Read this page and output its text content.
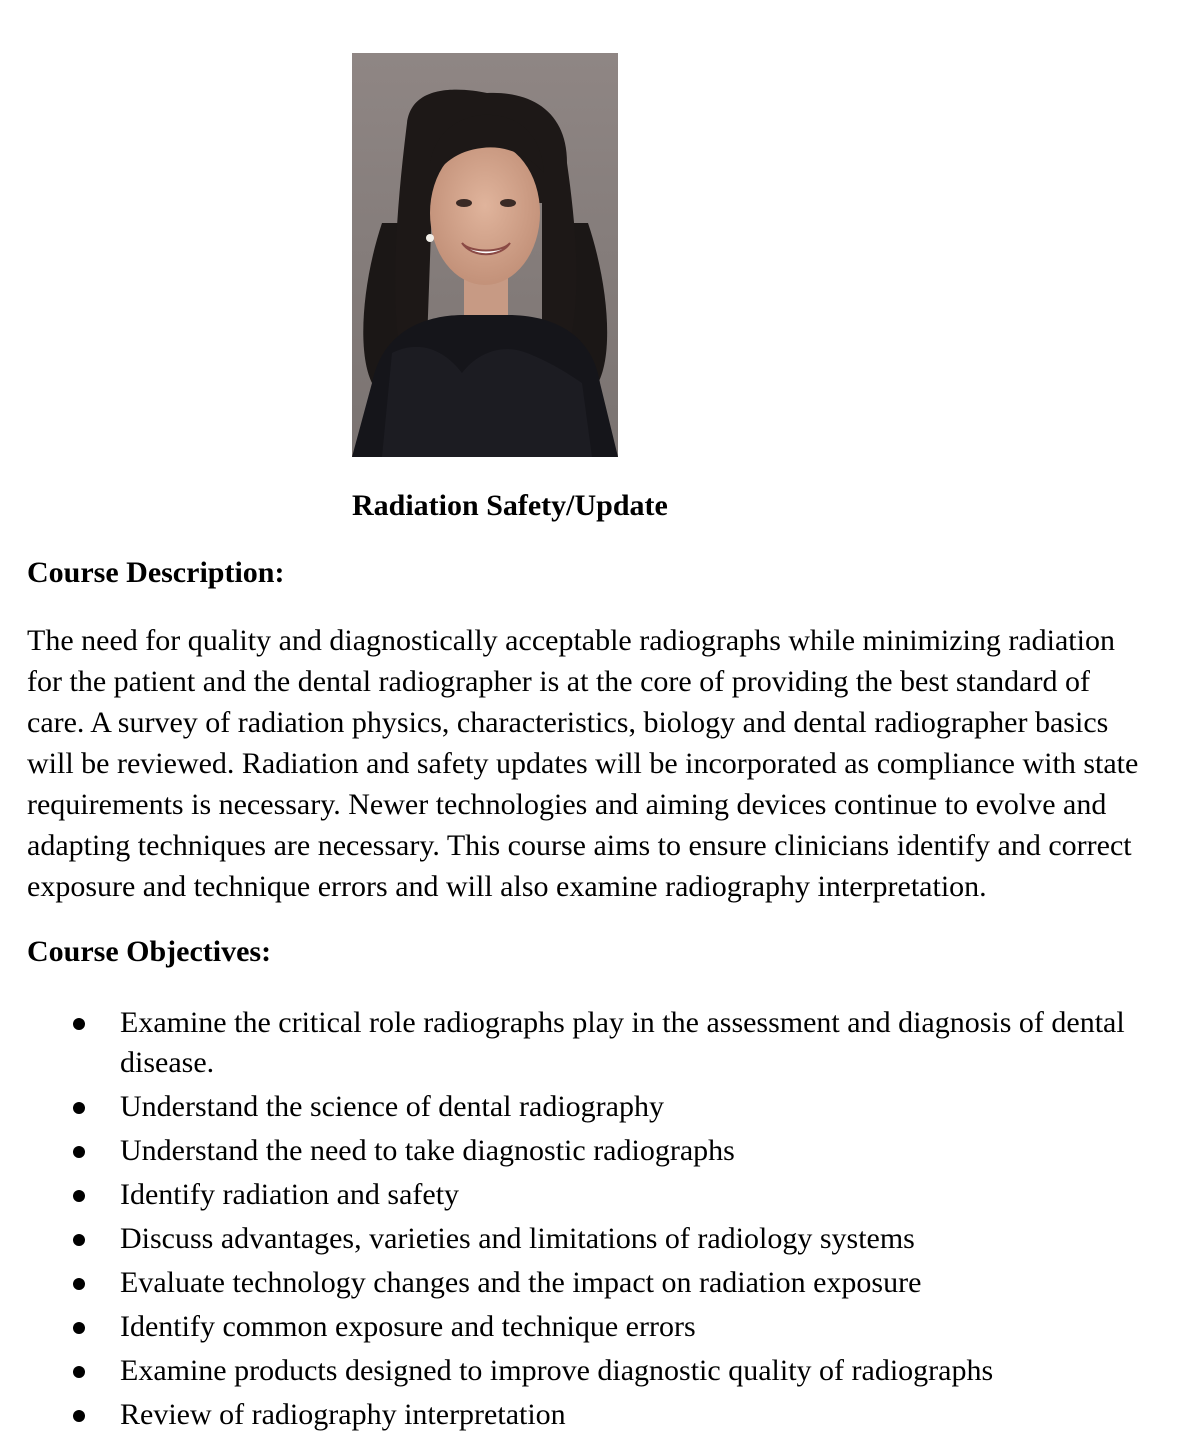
Radiation Safety/Update
Course Description:
The need for quality and diagnostically acceptable radiographs while minimizing radiation
for the patient and the dental radiographer is at the core of providing the best standard of
care. A survey of radiation physics, characteristics, biology and dental radiographer basics
will be reviewed. Radiation and safety updates will be incorporated as compliance with state
requirements is necessary. Newer technologies and aiming devices continue to evolve and
adapting techniques are necessary. This course aims to ensure clinicians identify and correct
exposure and technique errors and will also examine radiography interpretation.
Course Objectives:
Examine the critical role radiographs play in the assessment and diagnosis of dental disease.
Understand the science of dental radiography
Understand the need to take diagnostic radiographs
Identify radiation and safety
Discuss advantages, varieties and limitations of radiology systems
Evaluate technology changes and the impact on radiation exposure
Identify common exposure and technique errors
Examine products designed to improve diagnostic quality of radiographs
Review of radiography interpretation
